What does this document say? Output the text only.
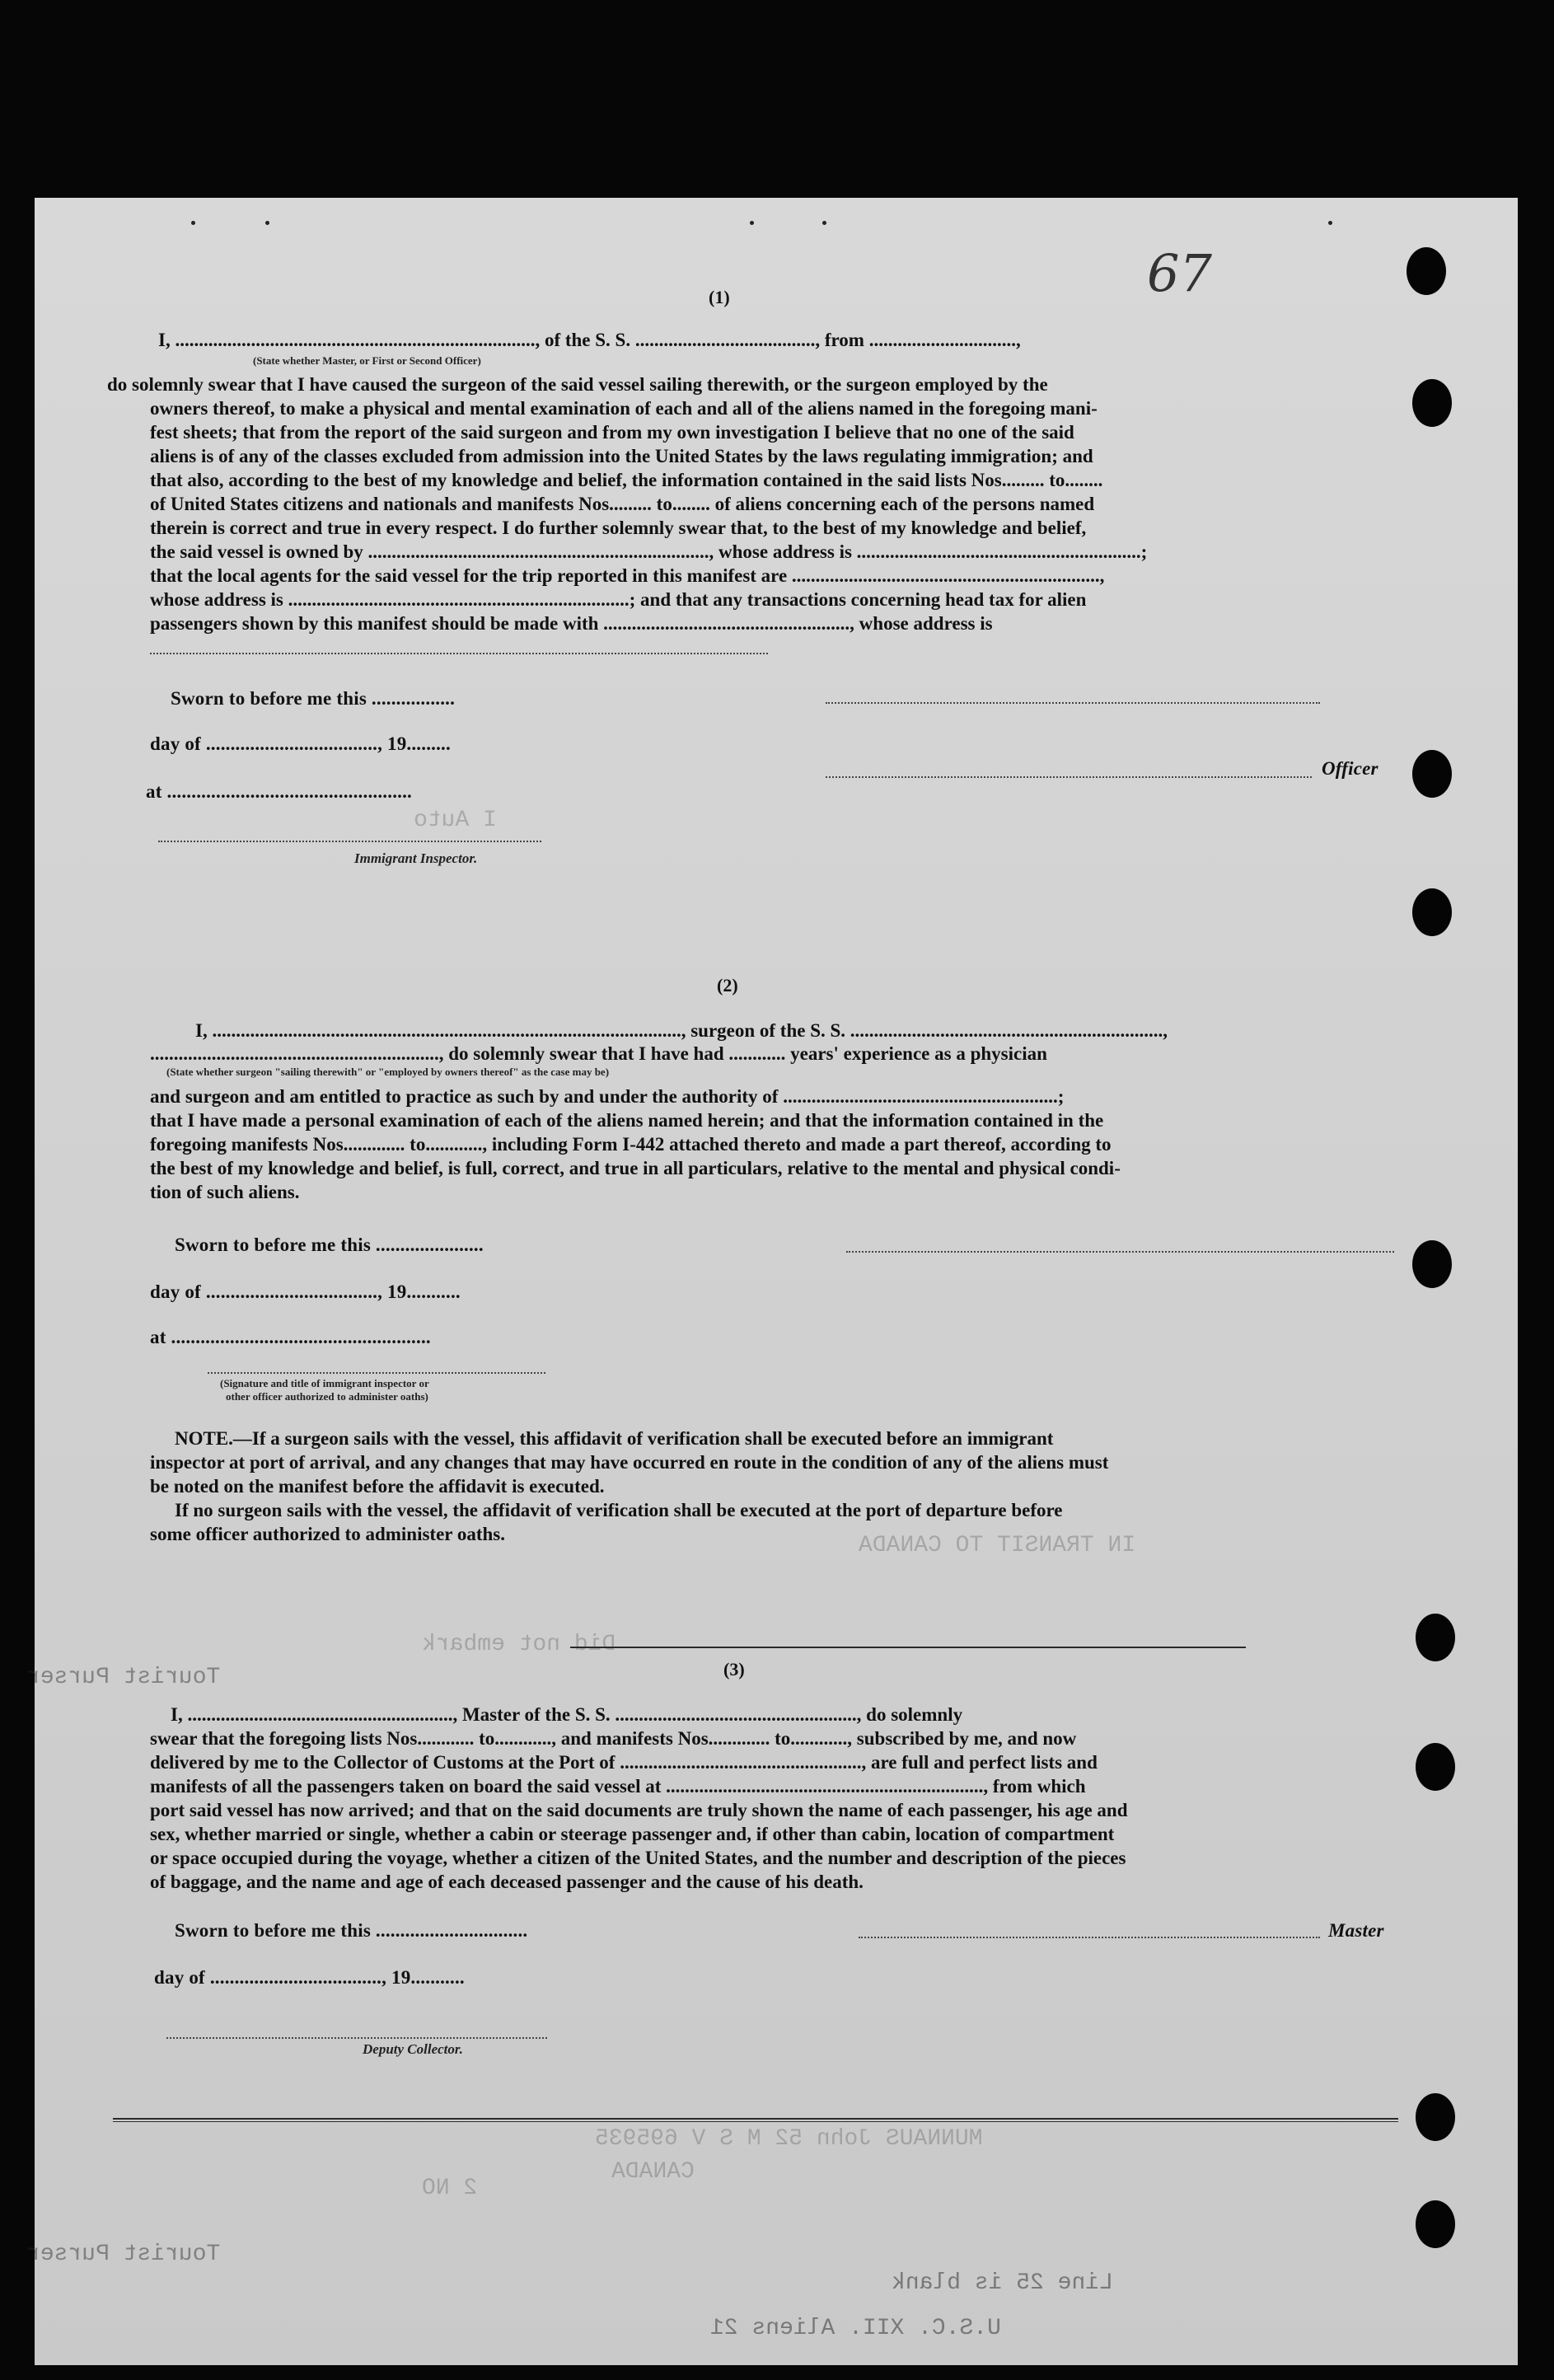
IN TRANSIT TO CANADA
MUNNAUS John 52 M S V 695935
CANADA
2 NO
Did not embark
I Auto
Tourist Purser
Tourist Purser
Line 25 is blank
U.S.C. XII. Aliens 21
67
(1)
I, ............................................................................, of the S. S. ......................................, from ...............................,
(State whether Master, or First or Second Officer)
do solemnly swear that I have caused the surgeon of the said vessel sailing therewith, or the surgeon employed by the
owners thereof, to make a physical and mental examination of each and all of the aliens named in the foregoing mani-
fest sheets; that from the report of the said surgeon and from my own investigation I believe that no one of the said
aliens is of any of the classes excluded from admission into the United States by the laws regulating immigration; and
that also, according to the best of my knowledge and belief, the information contained in the said lists Nos......... to........
of United States citizens and nationals and manifests Nos......... to........ of aliens concerning each of the persons named
therein is correct and true in every respect. I do further solemnly swear that, to the best of my knowledge and belief,
the said vessel is owned by ........................................................................, whose address is ............................................................;
that the local agents for the said vessel for the trip reported in this manifest are .................................................................,
whose address is ........................................................................; and that any transactions concerning head tax for alien
passengers shown by this manifest should be made with ...................................................., whose address is
Sworn to before me this .................
day of ..................................., 19.........
Officer
at ..................................................
Immigrant Inspector.
(2)
I, ..................................................................................................., surgeon of the S. S. ..................................................................,
............................................................., do solemnly swear that I have had ............ years' experience as a physician
(State whether surgeon "sailing therewith" or "employed by owners thereof" as the case may be)
and surgeon and am entitled to practice as such by and under the authority of ..........................................................;
that I have made a personal examination of each of the aliens named herein; and that the information contained in the
foregoing manifests Nos............. to............, including Form I-442 attached thereto and made a part thereof, according to
the best of my knowledge and belief, is full, correct, and true in all particulars, relative to the mental and physical condi-
tion of such aliens.
Sworn to before me this ......................
day of ..................................., 19...........
at .....................................................
(Signature and title of immigrant inspector or
other officer authorized to administer oaths)
NOTE.—If a surgeon sails with the vessel, this affidavit of verification shall be executed before an immigrant
inspector at port of arrival, and any changes that may have occurred en route in the condition of any of the aliens must
be noted on the manifest before the affidavit is executed.
If no surgeon sails with the vessel, the affidavit of verification shall be executed at the port of departure before
some officer authorized to administer oaths.
(3)
I, ........................................................, Master of the S. S. ..................................................., do solemnly
swear that the foregoing lists Nos............ to............, and manifests Nos............. to............, subscribed by me, and now
delivered by me to the Collector of Customs at the Port of ..................................................., are full and perfect lists and
manifests of all the passengers taken on board the said vessel at ..................................................................., from which
port said vessel has now arrived; and that on the said documents are truly shown the name of each passenger, his age and
sex, whether married or single, whether a cabin or steerage passenger and, if other than cabin, location of compartment
or space occupied during the voyage, whether a citizen of the United States, and the number and description of the pieces
of baggage, and the name and age of each deceased passenger and the cause of his death.
Sworn to before me this ...............................	Master
day of ..................................., 19...........
Deputy Collector.
